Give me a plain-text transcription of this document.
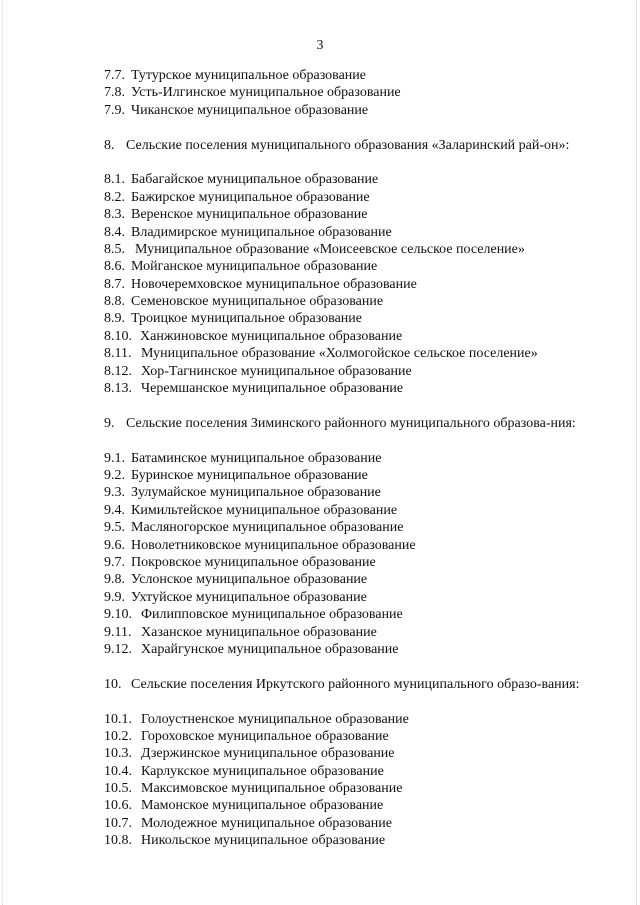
3
7.7. Тутурское муниципальное образование
7.8. Усть-Илгинское муниципальное образование
7.9. Чиканское муниципальное образование
8. Сельские поселения муниципального образования «Заларинский рай-он»:
8.1. Бабагайское муниципальное образование
8.2. Бажирское муниципальное образование
8.3. Веренское муниципальное образование
8.4. Владимирское муниципальное образование
8.5. Муниципальное образование «Моисеевское сельское поселение»
8.6. Мойганское муниципальное образование
8.7. Новочеремховское муниципальное образование
8.8. Семеновское муниципальное образование
8.9. Троицкое муниципальное образование
8.10. Ханжиновское муниципальное образование
8.11. Муниципальное образование «Холмогойское сельское поселение»
8.12. Хор-Тагнинское муниципальное образование
8.13. Черемшанское муниципальное образование
9. Сельские поселения Зиминского районного муниципального образова-ния:
9.1. Батаминское муниципальное образование
9.2. Буринское муниципальное образование
9.3. Зулумайское муниципальное образование
9.4. Кимильтейское муниципальное образование
9.5. Масляногорское муниципальное образование
9.6. Новолетниковское муниципальное образование
9.7. Покровское муниципальное образование
9.8. Услонское муниципальное образование
9.9. Ухтуйское муниципальное образование
9.10. Филипповское муниципальное образование
9.11. Хазанское муниципальное образование
9.12. Харайгунское муниципальное образование
10. Сельские поселения Иркутского районного муниципального образо-вания:
10.1. Голоустненское муниципальное образование
10.2. Гороховское муниципальное образование
10.3. Дзержинское муниципальное образование
10.4. Карлукское муниципальное образование
10.5. Максимовское муниципальное образование
10.6. Мамонское муниципальное образование
10.7. Молодежное муниципальное образование
10.8. Никольское муниципальное образование
